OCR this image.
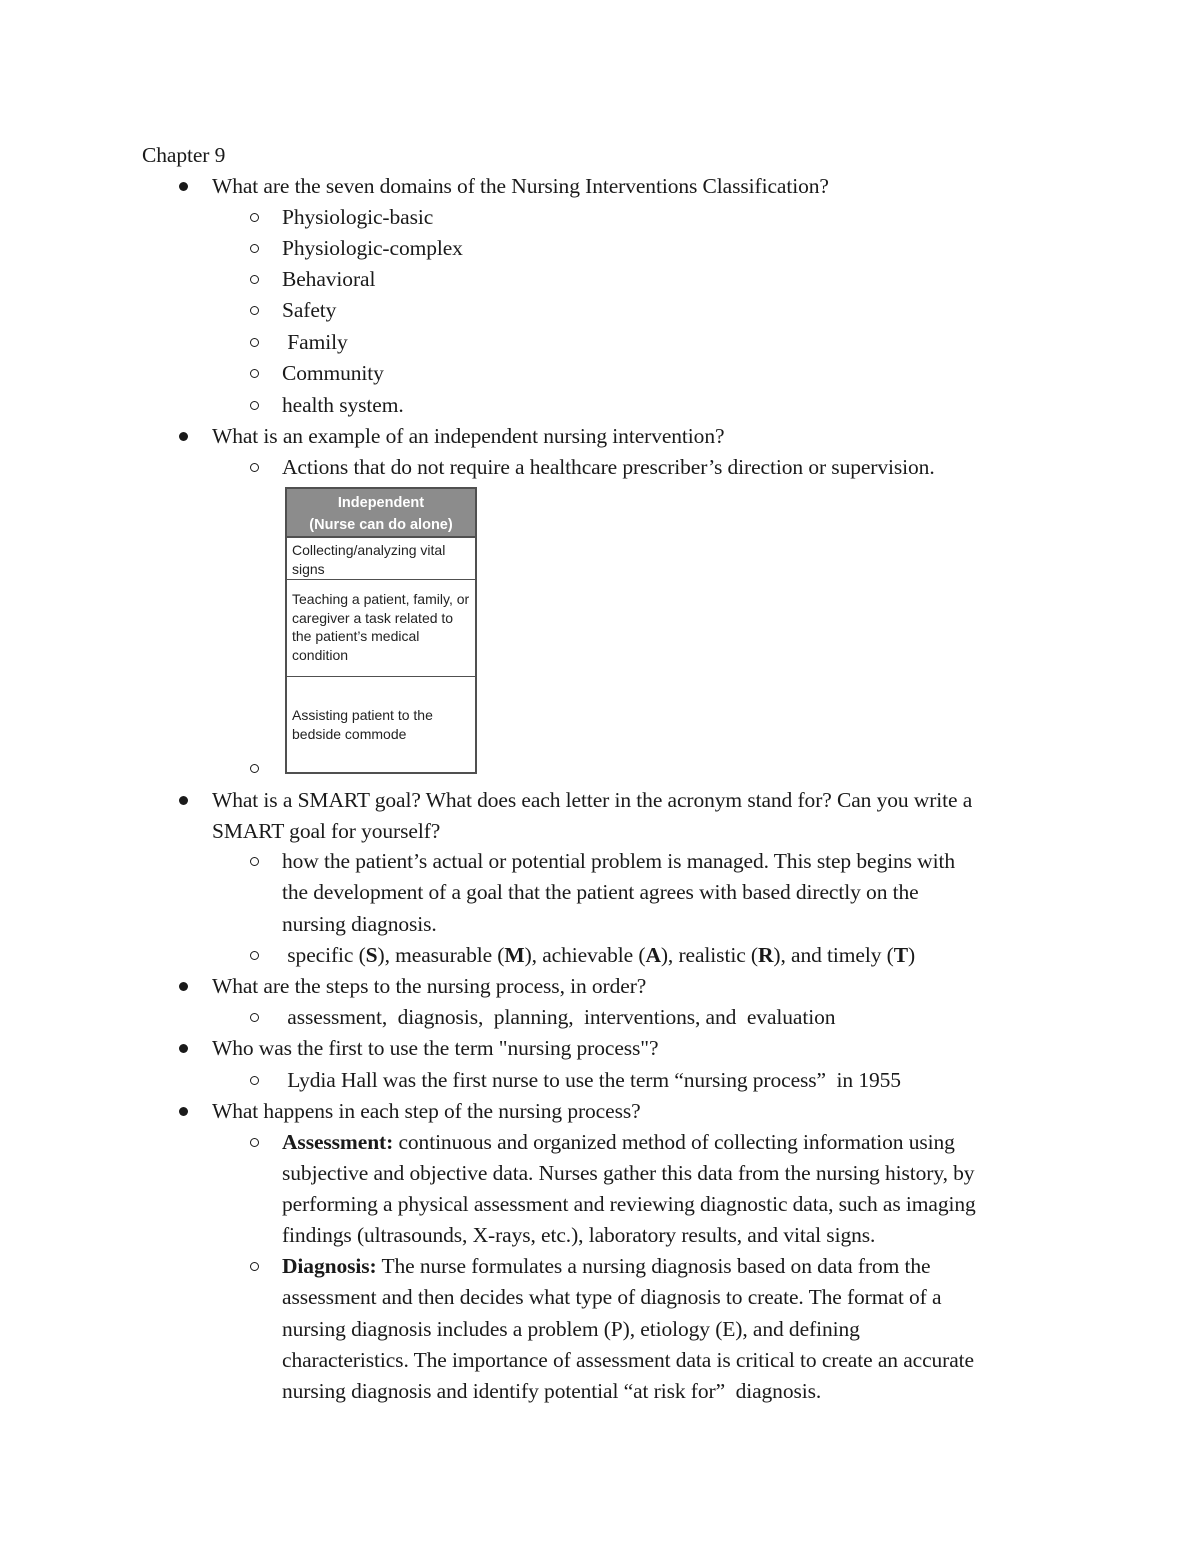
Chapter 9
What are the seven domains of the Nursing Interventions Classification?
Physiologic-basic
Physiologic-complex
Behavioral
Safety
Family
Community
health system.
What is an example of an independent nursing intervention?
Actions that do not require a healthcare prescriber’s direction or supervision.
Independent
(Nurse can do alone)
Collecting/analyzing vital signs
Teaching a patient, family, or caregiver a task related to the patient’s medical condition
Assisting patient to the bedside commode
What is a SMART goal? What does each letter in the acronym stand for? Can you write a
SMART goal for yourself?
how the patient’s actual or potential problem is managed. This step begins with
the development of a goal that the patient agrees with based directly on the
nursing diagnosis.
specific (S), measurable (M), achievable (A), realistic (R), and timely (T)
What are the steps to the nursing process, in order?
assessment,  diagnosis,  planning,  interventions, and  evaluation
Who was the first to use the term "nursing process"?
Lydia Hall was the first nurse to use the term “nursing process”  in 1955
What happens in each step of the nursing process?
Assessment: continuous and organized method of collecting information using
subjective and objective data. Nurses gather this data from the nursing history, by
performing a physical assessment and reviewing diagnostic data, such as imaging
findings (ultrasounds, X-rays, etc.), laboratory results, and vital signs.
Diagnosis: The nurse formulates a nursing diagnosis based on data from the
assessment and then decides what type of diagnosis to create. The format of a
nursing diagnosis includes a problem (P), etiology (E), and defining
characteristics. The importance of assessment data is critical to create an accurate
nursing diagnosis and identify potential “at risk for”  diagnosis.
